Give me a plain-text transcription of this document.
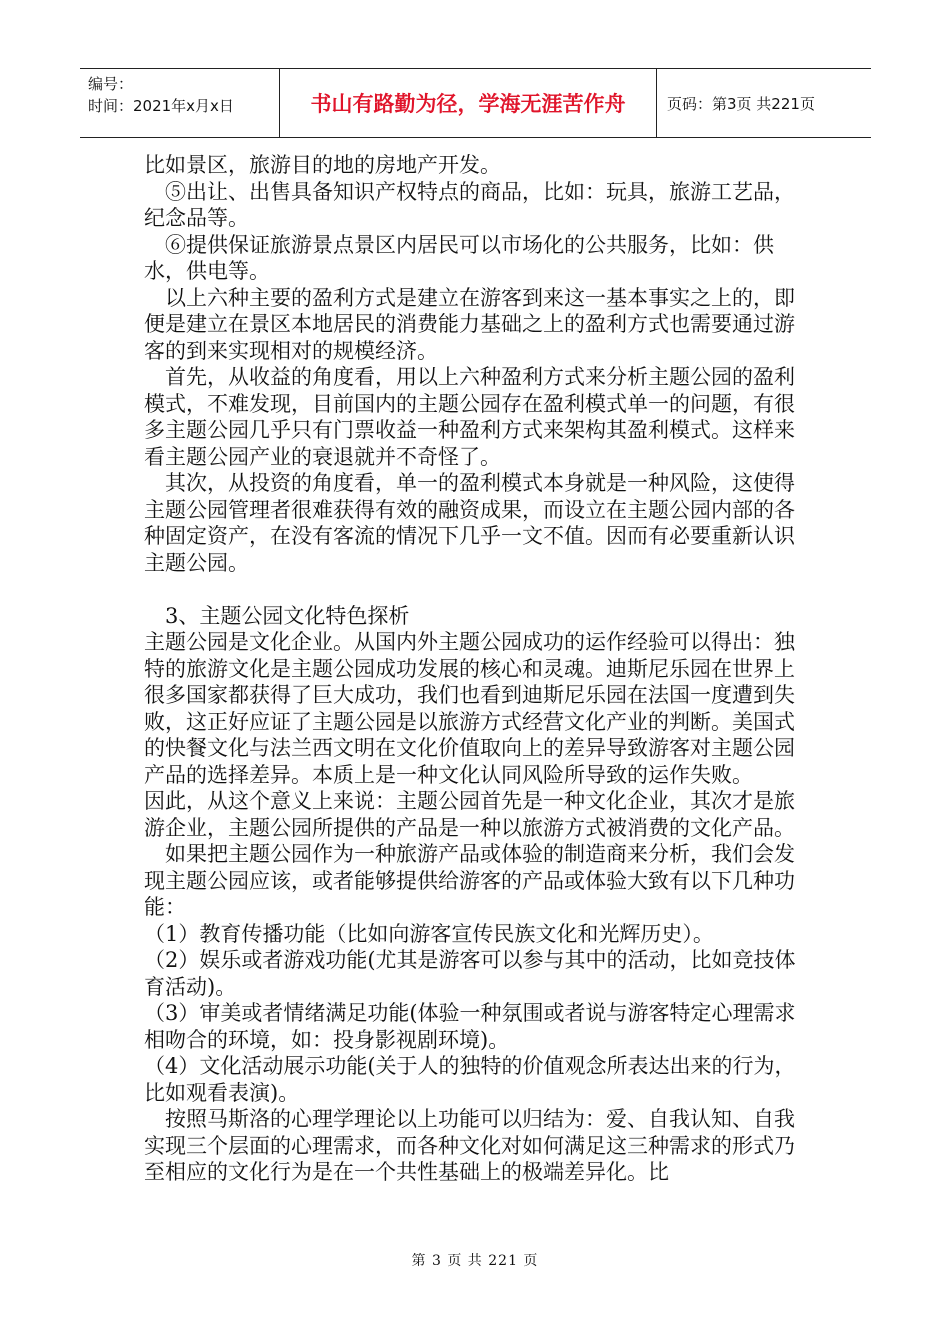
编号：
时间：2021年x月x日	书山有路勤为径，学海无涯苦作舟	页码：第3页 共221页

比如景区，旅游目的地的房地产开发。

⑤出让、出售具备知识产权特点的商品，比如：玩具，旅游工艺品，纪念品等。

⑥提供保证旅游景点景区内居民可以市场化的公共服务，比如：供水，供电等。

以上六种主要的盈利方式是建立在游客到来这一基本事实之上的，即便是建立在景区本地居民的消费能力基础之上的盈利方式也需要通过游客的到来实现相对的规模经济。

首先，从收益的角度看，用以上六种盈利方式来分析主题公园的盈利模式，不难发现，目前国内的主题公园存在盈利模式单一的问题，有很多主题公园几乎只有门票收益一种盈利方式来架构其盈利模式。这样来看主题公园产业的衰退就并不奇怪了。

其次，从投资的角度看，单一的盈利模式本身就是一种风险，这使得主题公园管理者很难获得有效的融资成果，而设立在主题公园内部的各种固定资产，在没有客流的情况下几乎一文不值。因而有必要重新认识主题公园。

3、主题公园文化特色探析

主题公园是文化企业。从国内外主题公园成功的运作经验可以得出：独特的旅游文化是主题公园成功发展的核心和灵魂。迪斯尼乐园在世界上很多国家都获得了巨大成功，我们也看到迪斯尼乐园在法国一度遭到失败，这正好应证了主题公园是以旅游方式经营文化产业的判断。美国式的快餐文化与法兰西文明在文化价值取向上的差异导致游客对主题公园产品的选择差异。本质上是一种文化认同风险所导致的运作失败。

因此，从这个意义上来说：主题公园首先是一种文化企业，其次才是旅游企业，主题公园所提供的产品是一种以旅游方式被消费的文化产品。

如果把主题公园作为一种旅游产品或体验的制造商来分析，我们会发现主题公园应该，或者能够提供给游客的产品或体验大致有以下几种功能：

（1）教育传播功能（比如向游客宣传民族文化和光辉历史）。

（2）娱乐或者游戏功能(尤其是游客可以参与其中的活动，比如竞技体育活动)。

（3）审美或者情绪满足功能(体验一种氛围或者说与游客特定心理需求相吻合的环境，如：投身影视剧环境)。

（4）文化活动展示功能(关于人的独特的价值观念所表达出来的行为，比如观看表演)。

按照马斯洛的心理学理论以上功能可以归结为：爱、自我认知、自我实现三个层面的心理需求，而各种文化对如何满足这三种需求的形式乃至相应的文化行为是在一个共性基础上的极端差异化。比

第 3 页 共 221 页
